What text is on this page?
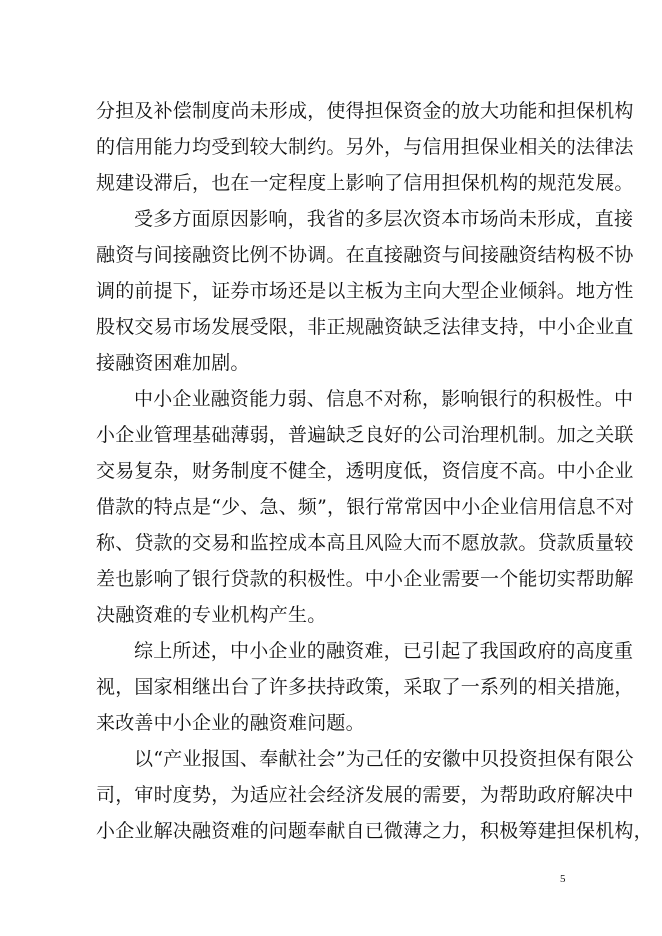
分担及补偿制度尚未形成，使得担保资金的放大功能和担保机构
的信用能力均受到较大制约。另外，与信用担保业相关的法律法
规建设滞后，也在一定程度上影响了信用担保机构的规范发展。
受多方面原因影响，我省的多层次资本市场尚未形成，直接
融资与间接融资比例不协调。在直接融资与间接融资结构极不协
调的前提下，证券市场还是以主板为主向大型企业倾斜。地方性
股权交易市场发展受限，非正规融资缺乏法律支持，中小企业直
接融资困难加剧。
中小企业融资能力弱、信息不对称，影响银行的积极性。中
小企业管理基础薄弱，普遍缺乏良好的公司治理机制。加之关联
交易复杂，财务制度不健全，透明度低，资信度不高。中小企业
借款的特点是“少、急、频”，银行常常因中小企业信用信息不对
称、贷款的交易和监控成本高且风险大而不愿放款。贷款质量较
差也影响了银行贷款的积极性。中小企业需要一个能切实帮助解
决融资难的专业机构产生。
综上所述，中小企业的融资难，已引起了我国政府的高度重
视，国家相继出台了许多扶持政策，采取了一系列的相关措施，
来改善中小企业的融资难问题。
以“产业报国、奉献社会”为己任的安徽中贝投资担保有限公
司，审时度势，为适应社会经济发展的需要，为帮助政府解决中
小企业解决融资难的问题奉献自已微薄之力，积极筹建担保机构，
5
